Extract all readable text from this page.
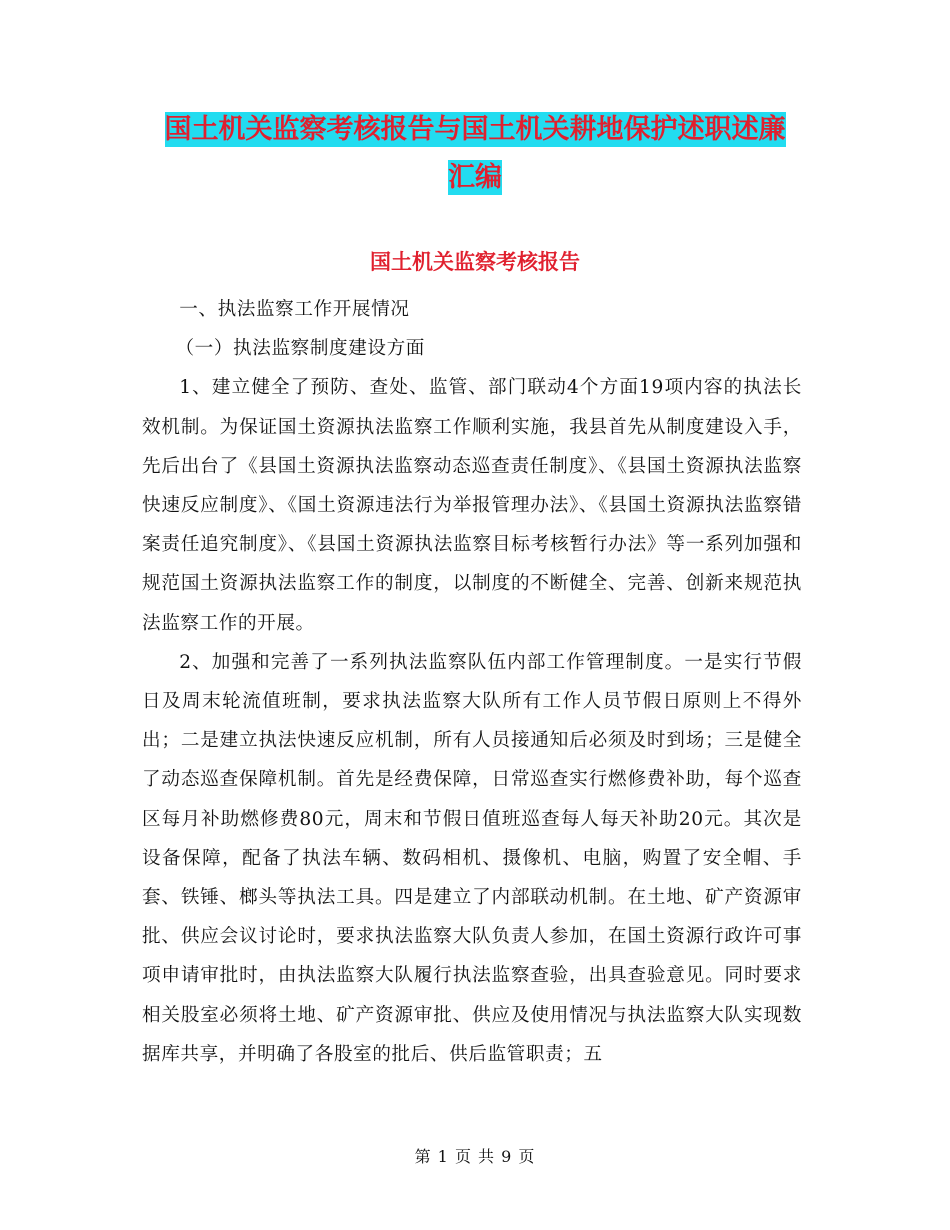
国土机关监察考核报告与国土机关耕地保护述职述廉
汇编
国土机关监察考核报告

一、执法监察工作开展情况

（一）执法监察制度建设方面

1、建立健全了预防、查处、监管、部门联动4个方面19项内容的执法长效机制。为保证国土资源执法监察工作顺利实施，我县首先从制度建设入手，先后出台了《县国土资源执法监察动态巡查责任制度》、《县国土资源执法监察快速反应制度》、《国土资源违法行为举报管理办法》、《县国土资源执法监察错案责任追究制度》、《县国土资源执法监察目标考核暂行办法》等一系列加强和规范国土资源执法监察工作的制度，以制度的不断健全、完善、创新来规范执法监察工作的开展。

2、加强和完善了一系列执法监察队伍内部工作管理制度。一是实行节假日及周末轮流值班制，要求执法监察大队所有工作人员节假日原则上不得外出；二是建立执法快速反应机制，所有人员接通知后必须及时到场；三是健全了动态巡查保障机制。首先是经费保障，日常巡查实行燃修费补助，每个巡查区每月补助燃修费80元，周末和节假日值班巡查每人每天补助20元。其次是设备保障，配备了执法车辆、数码相机、摄像机、电脑，购置了安全帽、手套、铁锤、榔头等执法工具。四是建立了内部联动机制。在土地、矿产资源审批、供应会议讨论时，要求执法监察大队负责人参加，在国土资源行政许可事项申请审批时，由执法监察大队履行执法监察查验，出具查验意见。同时要求相关股室必须将土地、矿产资源审批、供应及使用情况与执法监察大队实现数据库共享，并明确了各股室的批后、供后监管职责；五

第 1 页 共 9 页
